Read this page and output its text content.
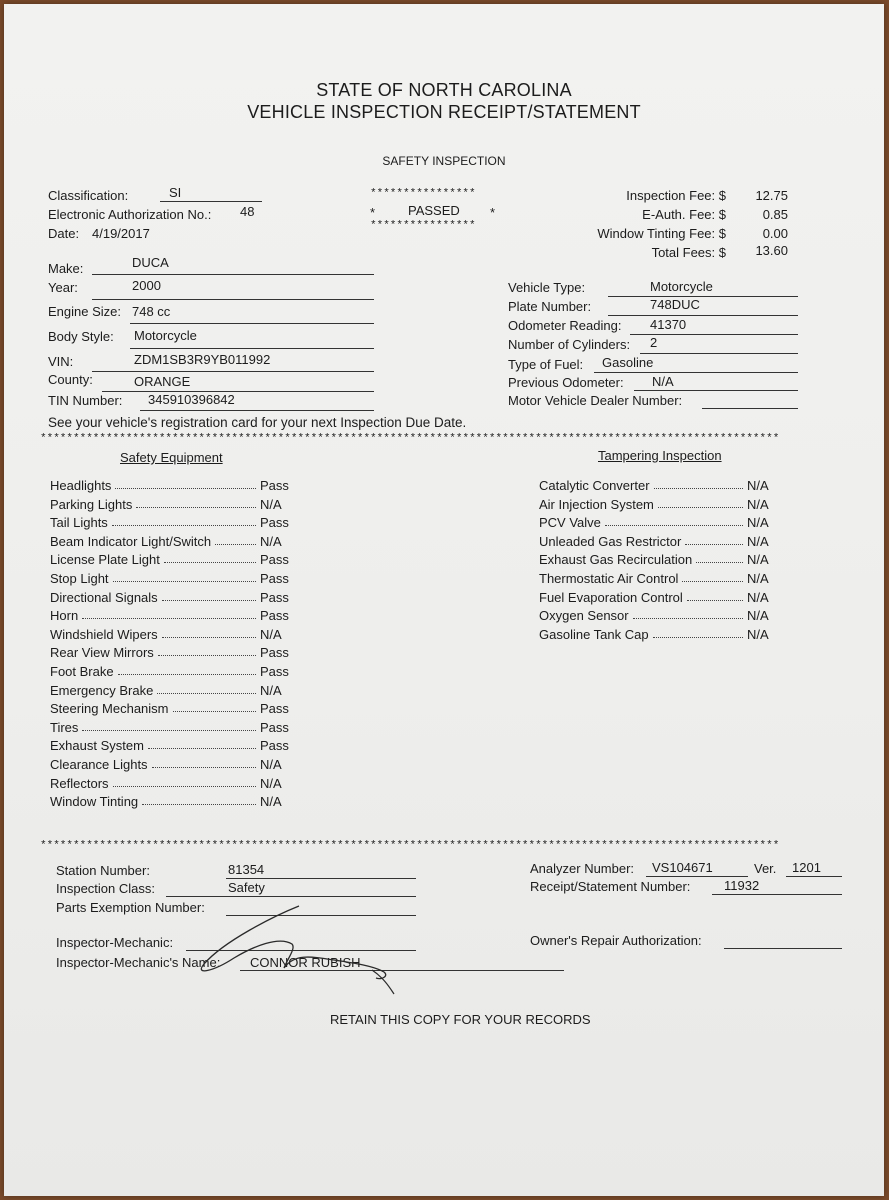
STATE OF NORTH CAROLINA
VEHICLE INSPECTION RECEIPT/STATEMENT
SAFETY INSPECTION
Classification:	SI
Electronic Authorization No.: 48
Date: 4/19/2017
****************
*	PASSED *
****************
Inspection Fee: $ 12.75
E-Auth. Fee: $	0.85
Window Tinting Fee: $	0.00
Total Fees: $ 13.60
Make:	DUCA
Year:	2000
Engine Size: 748 cc
Body Style: Motorcycle
VIN:	ZDM1SB3R9YB011992
County:	ORANGE
TIN Number: 345910396842
Vehicle Type:	Motorcycle
Plate Number:	748DUC
Odometer Reading: 41370
Number of Cylinders: 2
Type of Fuel: Gasoline
Previous Odometer: N/A
Motor Vehicle Dealer Number:
See your vehicle's registration card for your next Inspection Due Date.
****************************************************************************************************************
Safety Equipment	Tampering Inspection
Headlights	Pass
Parking Lights	N/A
Tail Lights	Pass
Beam Indicator Light/Switch	N/A
License Plate Light	Pass
Stop Light	Pass
Directional Signals	Pass
Horn	Pass
Windshield Wipers	N/A
Rear View Mirrors	Pass
Foot Brake	Pass
Emergency Brake	N/A
Steering Mechanism	Pass
Tires	Pass
Exhaust System	Pass
Clearance Lights	N/A
Reflectors	N/A
Window Tinting	N/A
Catalytic Converter	N/A
Air Injection System	N/A
PCV Valve	N/A
Unleaded Gas Restrictor	N/A
Exhaust Gas Recirculation	N/A
Thermostatic Air Control	N/A
Fuel Evaporation Control	N/A
Oxygen Sensor	N/A
Gasoline Tank Cap	N/A
****************************************************************************************************************
Station Number:	81354
Inspection Class:	Safety
Parts Exemption Number:
Inspector-Mechanic:
Inspector-Mechanic's Name: CONNOR RUBISH
Analyzer Number: VS104671	Ver. 1201
Receipt/Statement Number:	11932
Owner's Repair Authorization:
RETAIN THIS COPY FOR YOUR RECORDS
